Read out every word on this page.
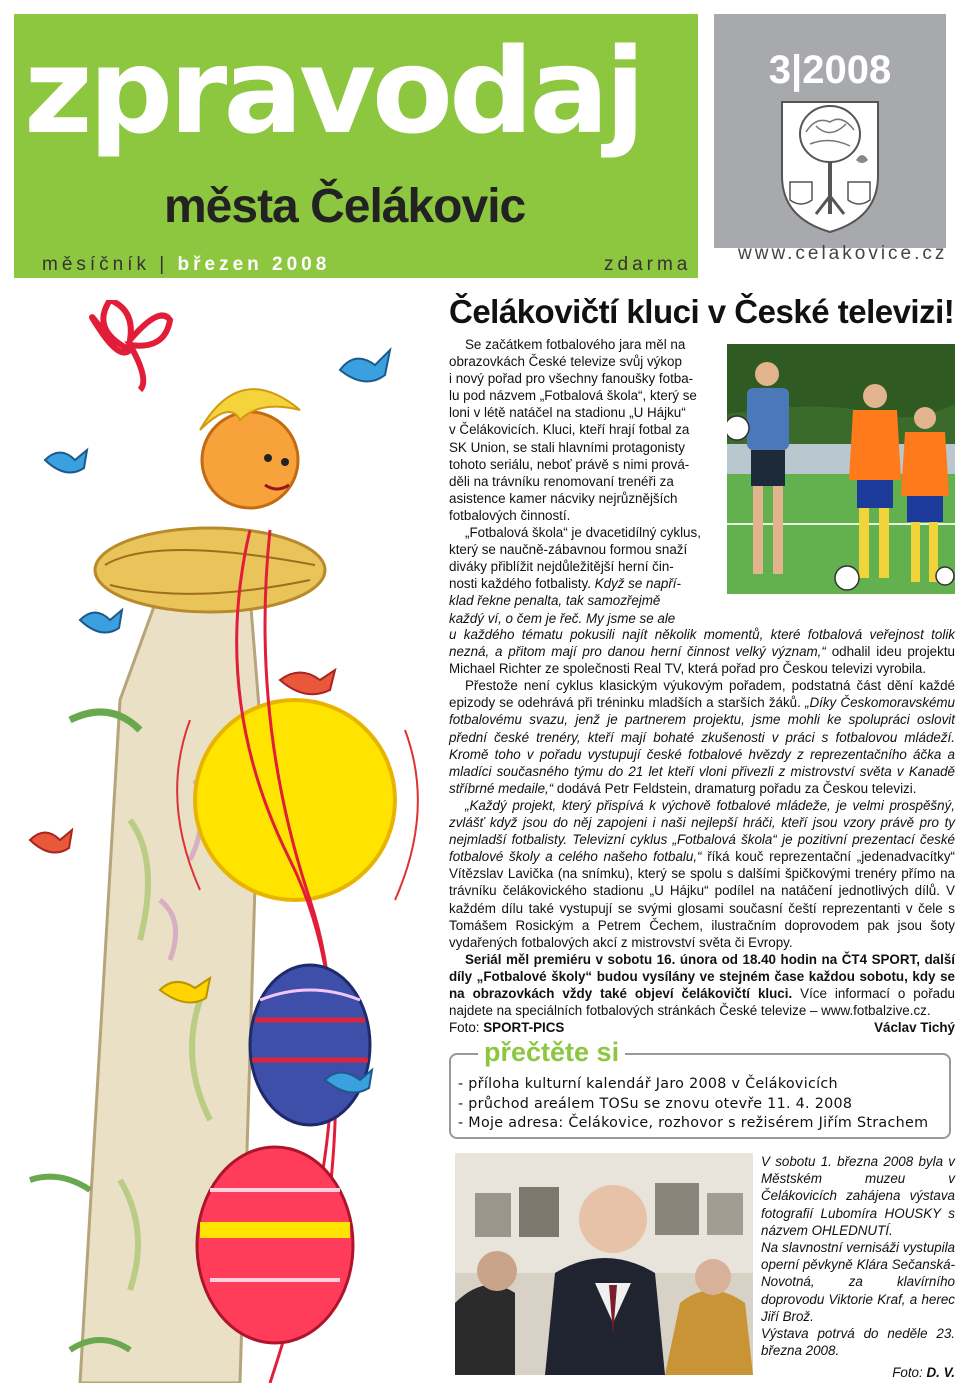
zpravodaj
města Čelákovic
měsíčník | březen 2008	zdarma
3|2008
www.celakovice.cz
Čelákovičtí kluci v České televizi!
Se začátkem fotbalového jara měl na
obrazovkách České televize svůj výkop
i nový pořad pro všechny fanoušky fotba-
lu pod názvem „Fotbalová škola“, který se
loni v létě natáčel na stadionu „U Hájku“
v Čelákovicích. Kluci, kteří hrají fotbal za
SK Union, se stali hlavními protagonisty
tohoto seriálu, neboť právě s nimi prová-
děli na trávníku renomovaní trenéři za
asistence kamer nácviky nejrůznějších
fotbalových činností.
„Fotbalová škola“ je dvacetidílný cyklus,
který se naučně-zábavnou formou snaží
diváky přiblížit nejdůležitější herní čin-
nosti každého fotbalisty. Když se napří-
klad řekne penalta, tak samozřejmě
každý ví, o čem je řeč. My jsme se ale

u každého tématu pokusili najít několik momentů, které fotbalová veřejnost tolik nezná, a přitom mají pro danou herní činnost velký význam,“ odhalil ideu projektu Michael Richter ze společnosti Real TV, která pořad pro Českou televizi vyrobila.

Přestože není cyklus klasickým výukovým pořadem, podstatná část dění každé epizody se odehrává při tréninku mladších a starších žáků. „Díky Českomoravskému fotbalovému svazu, jenž je partnerem projektu, jsme mohli ke spolupráci oslovit přední české trenéry, kteří mají bohaté zkušenosti v práci s fotbalovou mládeží. Kromě toho v pořadu vystupují české fotbalové hvězdy z reprezentačního áčka a mladíci současného týmu do 21 let kteří vloni přivezli z mistrovství světa v Kanadě stříbrné medaile,“ dodává Petr Feldstein, dramaturg pořadu za Českou televizi.

„Každý projekt, který přispívá k výchově fotbalové mládeže, je velmi prospěšný, zvlášť když jsou do něj zapojeni i naši nejlepší hráči, kteří jsou vzory právě pro ty nejmladší fotbalisty. Televizní cyklus „Fotbalová škola“ je pozitivní prezentací české fotbalové školy a celého našeho fotbalu,“ říká kouč reprezentační „jedenadvacítky“ Vítězslav Lavička (na snímku), který se spolu s dalšími špičkovými trenéry přímo na trávníku čelákovického stadionu „U Hájku“ podílel na natáčení jednotlivých dílů. V každém dílu také vystupují se svými glosami současní čeští reprezentanti v čele s Tomášem Rosickým a Petrem Čechem, ilustračním doprovodem pak jsou šoty vydařených fotbalových akcí z mistrovství světa či Evropy.

Seriál měl premiéru v sobotu 16. února od 18.40 hodin na ČT4 SPORT, další díly „Fotbalové školy“ budou vysílány ve stejném čase každou sobotu, kdy se na obrazovkách vždy také objeví čelákovičtí kluci. Více informací o pořadu najdete na speciálních fotbalových stránkách České televize – www.fotbalzive.cz.

Foto: SPORT-PICS	Václav Tichý

přečtěte si
- příloha kulturní kalendář Jaro 2008 v Čelákovicích
- průchod areálem TOSu se znovu otevře 11. 4. 2008
- Moje adresa: Čelákovice, rozhovor s režisérem Jiřím Strachem

V sobotu 1. března 2008 byla v Městském muzeu v Čelákovicích zahájena výstava fotografií Lubomíra HOUSKY s názvem OHLEDNUTÍ.

Na slavnostní vernisáži vystupila operní pěvkyně Klára Sečanská-Novotná, za klavírního doprovodu Viktorie Kraf, a herec Jiří Brož.

Výstava potrvá do neděle 23. března 2008.

Foto: D. V.
